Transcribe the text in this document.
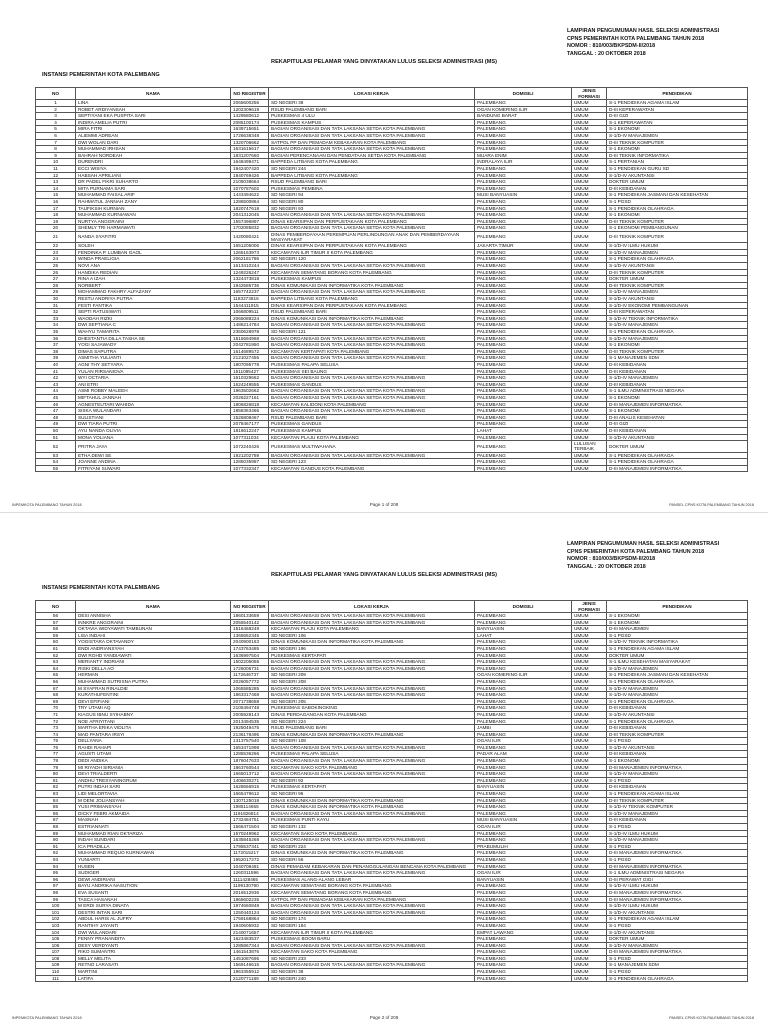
LAMPIRAN PENGUMUMAN HASIL SELEKSI ADMINISTRASI
CPNS PEMERINTAH KOTA PALEMBANG TAHUN 2018
NOMOR : 810/003/BKPSDM-II/2018
TANGGAL : 20 OKTOBER 2018
REKAPITULASI PELAMAR YANG DINYATAKAN LULUS SELEKSI ADMINISTRASI (MS)
INSTANSI PEMERINTAH KOTA PALEMBANG
NO	NAMA	NO REGISTER	LOKASI KERJA	DOMISILI	JENIS FORMASI	PENDIDIKAN
1	LINA	2065600256	SD NEGERI 38	PALEMBANG	UMUM	S-1 PENDIDIKAN AGAMA ISLAM
2	ROBET ARDIYANSAH	1202309619	RSUD PALEMBANG BARI	OGAN KOMERING ILIR	UMUM	D-III KEPERAWATAN
3	SEPTIYANI EKA PUSPITA SARI	1429580612	PUSKESMAS 4 ULU	BANDUNG BARAT	UMUM	D-III GIZI
4	INDIRA AMELIA PUTRI	2085100174	PUSKESMAS KAMPUS	PALEMBANG	UMUM	S-1 KEPERAWATAN
5	MIRA FITRI	1639715651	BAGIAN ORGANISASI DAN TATA LAKSANA SETDA KOTA PALEMBANG	PALEMBANG	UMUM	S-1 EKONOMI
6	ALIEMMI ADREAN	1726638348	BAGIAN ORGANISASI DAN TATA LAKSANA SETDA KOTA PALEMBANG	PALEMBANG	UMUM	S-1/D-IV MANAJEMEN
7	DWI WOLAN DARI	1320706662	SATPOL PP DAN PEMADAM KEBAKARAN KOTA PALEMBANG	PALEMBANG	UMUM	D-III TEKNIK KOMPUTER
8	MUHAMMAD IRHSAN	1631615617	BAGIAN ORGANISASI DAN TATA LAKSANA SETDA KOTA PALEMBANG	PALEMBANG	UMUM	S-1 EKONOMI
9	BAHRAH NORDEAH	1831207660	BAGIAN PERENCANAAN DAN PENDATAAN SETDA KOTA PALEMBANG	MUARA ENIM	UMUM	D-III TEKNIK INFORMATIKA
10	DURENDRI	1648499471	BAPPEDA LITBANG KOTA PALEMBANG	INDRALAYA ILIR	UMUM	S-1 PERTANIAN
11	ECCI WISIYA	1942407420	SD NEGERI 244	PALEMBANG	UMUM	S-1 PENDIDIKAN GURU SD
12	HABSAH APRILIANI	1840769426	BAPPEDA LITBANG KOTA PALEMBANG	PALEMBANG	UMUM	S-1/D-IV AKUNTANSI
13	DR PADEL FIKRI SUHARTO	2105038664	RSUD PALEMBANG BARI	PALEMBANG	UMUM	DOKTER UMUM
14	MITA PURNAMA SARI	1070787602	PUSKESMAS PEMBINA	PALEMBANG	UMUM	D-III KEBIDANAN
15	MUHAMMAD FAISAL ARIF	1443494622	SD NEGERI 94	MUSI BANYUASIN	UMUM	S-1 PENDIDIKAN JASMANI DAN KESEHATAN
16	RAHMATUL JANNAH ZANY	1286500864	SD NEGERI 80	PALEMBANG	UMUM	S-1 PGSD
17	TAUFIKSIH KURNIAN	1820747618	SD NEGERI 93	PALEMBANG	UMUM	S-1 PENDIDIKAN OLAHRAGA
18	MUHAMMAD KURNIAWAN	2041312045	BAGIAN ORGANISASI DAN TATA LAKSANA SETDA KOTA PALEMBANG	PALEMBANG	UMUM	S-1 EKONOMI
19	NURTYA ANGGRAINI	1557496897	DINAS KEARSIPAN DAN PERPUSTAKAAN KOTA PALEMBANG	PALEMBANG	UMUM	D-III TEKNIK KOMPUTER
20	SHEMLY TRI HARMAWATI	1702085832	BAGIAN ORGANISASI DAN TATA LAKSANA SETDA KOTA PALEMBANG	PALEMBANG	UMUM	S-1 EKONOMI PEMBANGUNAN
21	NANDA SYAFITRI	1420080421	DINAS PEMBERDAYAAN PEREMPUAN PERLINDUNGAN ANAK DAN PEMBERDAYAAN MASYARAKAT	PALEMBANG	UMUM	D-III TEKNIK KOMPUTER
22	SOLEH	1651205006	DINAS KEARSIPAN DAN PERPUSTAKAAN KOTA PALEMBANG	JAKARTA TIMUR	UMUM	S-1/D-IV ILMU HUKUM
23	FENDINKA P. LUMBAN GAOL	1265153973	KECAMATAN ILIR TIMUR II KOTA PALEMBANG	PALEMBANG	UMUM	S-1/D-IV MANAJEMEN
24	WINDA PRAELIGIA	2062181786	SD NEGERI 120	PALEMBANG	UMUM	S-1 PENDIDIKAN OLAHRAGA
25	NOVI ANA	1613410244	BAGIAN ORGANISASI DAN TATA LAKSANA SETDA KOTA PALEMBANG	PALEMBANG	UMUM	S-1/D-IV AKUNTANSI
26	HANDIKA REDIAN	1249226247	KECAMATAN SEMATANG BORANG KOTA PALEMBANG	PALEMBANG	UMUM	D-III TEKNIK KOMPUTER
27	RINA A IZAH	1324473818	PUSKESMAS KAMPUS	PALEMBANG	UMUM	DOKTER UMUM
28	NORBERT	1942585736	DINAS KOMUNIKASI DAN INFORMATIKA KOTA PALEMBANG	PALEMBANG	UMUM	D-III TEKNIK KOMPUTER
29	MOHAMMAD FAKHRY ALFAZANY	1657742237	BAGIAN ORGANISASI DAN TATA LAKSANA SETDA KOTA PALEMBANG	PALEMBANG	UMUM	S-1/D-IV MANAJEMEN
30	RESTU ANDRIYA PUTRA	1183273816	BAPPEDA LITBANG KOTA PALEMBANG	PALEMBANG	UMUM	S-1/D-IV AKUNTANSI
31	FESTI FANTIKA	1544411915	DINAS KEARSIPAN DAN PERPUSTAKAAN KOTA PALEMBANG	PALEMBANG	UMUM	S-1/D-IV EKONOMI PEMBANGUNAN
32	SEPTI RATUSIWATI	1066809511	RSUD PALEMBANG BARI	PALEMBANG	UMUM	D-III KEPERAWATAN
33	WAODAH RIZKI	2065088224	DINAS KOMUNIKASI DAN INFORMATIKA KOTA PALEMBANG	PALEMBANG	UMUM	S-1/D-IV TEKNIK INFORMATIKA
34	DWI SEPTIANA C	1486214784	BAGIAN ORGANISASI DAN TATA LAKSANA SETDA KOTA PALEMBANG	PALEMBANG	UMUM	S-1/D-IV MANAJEMEN
35	WAHYU TAMARITA	2350628978	SD NEGERI 121	PALEMBANG	UMUM	S-1 PENDIDIKAN OLAHRAGA
36	DHESTANTIA DILLA TASHA SE	1515694968	BAGIAN ORGANISASI DAN TATA LAKSANA SETDA KOTA PALEMBANG	PALEMBANG	UMUM	S-1/D-IV MANAJEMEN
37	YOGI SAJAWADY	2042781950	BAGIAN ORGANISASI DAN TATA LAKSANA SETDA KOTA PALEMBANG	PALEMBANG	UMUM	S-1 EKONOMI
38	DIMAS SAPUTRA	1614689572	KECAMATAN KERTAPATI KOTA PALEMBANG	PALEMBANG	UMUM	D-III TEKNIK KOMPUTER
39	ASMITHA YULIANTI	2121027455	BAGIAN ORGANISASI DAN TATA LAKSANA SETDA KOTA PALEMBANG	PALEMBANG	UMUM	S-1 MANAJEMEN SDM
40	AGNI THY SETYARA	1807095778	PUSKESMAS PALAPA SELUSA	PALEMBANG	UMUM	D-III KEBIDANAN
41	YULAN RIRSANIOVA	1511085427	PUSKESMAS SEI BAUNG	PALEMBANG	UMUM	D-III KEBIDANAN
42	WYI OCTARIA	1610329662	BAGIAN ORGANISASI DAN TATA LAKSANA SETDA KOTA PALEMBANG	PALEMBANG	UMUM	S-1/D-IV MANAJEMEN
43	ANI ETRI	1624249555	PUSKESMAS GANDUS	PALEMBANG	UMUM	D-III KEBIDANAN
44	ASMI ROBBY MALEEH	1963502662	BAGIAN ORGANISASI DAN TATA LAKSANA SETDA KOTA PALEMBANG	PALEMBANG	UMUM	S-1 ILMU ADMINISTRASI NEGARA
45	MIFTAHUL JANNAH	2026227161	BAGIAN ORGANISASI DAN TATA LAKSANA SETDA KOTA PALEMBANG	PALEMBANG	UMUM	S-1 EKONOMI
46	AGNESTEUTARI WAHIDA	1806826818	KECAMATAN KALIDONI KOTA PALEMBANG	PALEMBANG	UMUM	D-III MANAJEMEN INFORMATIKA
47	SISKA WULANDARI	1858363466	BAGIAN ORGANISASI DAN TATA LAKSANA SETDA KOTA PALEMBANG	PALEMBANG	UMUM	S-1 EKONOMI
48	SULISTIANI	1526808467	RSUD PALEMBANG BARI	PALEMBANG	UMUM	D-III ANALIS KESEHATAN
49	DWI TIARA PUTRI	2078467177	PUSKESMAS GANDUS	PALEMBANG	UMUM	D-III GIZI
50	AYU NANDA OLIVIA	1816612247	PUSKESMAS KAMPUS	LAHAT	UMUM	D-III KEBIDANAN
51	MONA YOLIANA	1077311034	KECAMATAN PLAJU KOTA PALEMBANG	PALEMBANG	UMUM	S-1/D-IV AKUNTANSI
52	PRITRA JAYA	1072240426	PUSKESMAS MULTIWAHANA	PALEMBANG	LULUSAN TERBAIK	DOKTER UMUM
53	ETHA DEWI SE	1921202789	BAGIAN ORGANISASI DAN TATA LAKSANA SETDA KOTA PALEMBANG	PALEMBANG	UMUM	S-1 PENDIDIKAN OLAHRAGA
54	JOANNE ANDINA	1285035987	SD NEGERI 123	PALEMBANG	UMUM	S-1 PENDIDIKAN OLAHRAGA
55	FITRIYANI SUWARI	1077332347	KECAMATAN GANDUS KOTA PALEMBANG	PALEMBANG	UMUM	D-III MANAJEMEN INFORMATIKA
INPEMKOTA PALEMBANG TAHUN 2018	Page 1 of 208	PANSEL CPNS KOTA PALEMBANG TAHUN 2018
LAMPIRAN PENGUMUMAN HASIL SELEKSI ADMINISTRASI
CPNS PEMERINTAH KOTA PALEMBANG TAHUN 2018
NOMOR : 810/003/BKPSDM-II/2018
TANGGAL : 20 OKTOBER 2018
REKAPITULASI PELAMAR YANG DINYATAKAN LULUS SELEKSI ADMINISTRASI (MS)
INSTANSI PEMERINTAH KOTA PALEMBANG
NO	NAMA	NO REGISTER	LOKASI KERJA	DOMISILI	JENIS FORMASI	PENDIDIKAN
56	DESI ANNISHA	1860133659	BAGIAN ORGANISASI DAN TATA LAKSANA SETDA KOTA PALEMBANG	PALEMBANG	UMUM	S-1 EKONOMI
57	INNKRE ANGGRAINI	2056540142	BAGIAN ORGANISASI DAN TATA LAKSANA SETDA KOTA PALEMBANG	PALEMBANG	UMUM	S-1 EKONOMI
58	OKTAVIA WIDYAWATI TAMBUNAN	1516468249	KECAMATAN PLAJU KOTA PALEMBANG	BANYUASIN	UMUM	D-III MANAJEMEN
59	LISA INDAHI	1365652345	SD NEGERI 106	LAHAT	UMUM	S-1 PGSD
60	YOGISTARA OKTAVANDY	2040900163	DINAS KOMUNIKASI DAN INFORMATIKA KOTA PALEMBANG	PALEMBANG	UMUM	S-1/D-IV TEKNIK INFORMATIKA
61	ENDI ANDRIANSYAH	1743763485	SD NEGERI 196	PALEMBANG	UMUM	S-1 PENDIDIKAN AGAMA ISLAM
62	DWI ROHD YANDIAWATI	1636997504	PUSKESMAS KERTAPATI	PALEMBANG	UMUM	DOKTER UMUM
63	MERIANTY INDRIANI	1502205055	BAGIAN ORGANISASI DAN TATA LAKSANA SETDA KOTA PALEMBANG	PALEMBANG	UMUM	S-1 ILMU KESEHATAN MASYARAKAT
64	RISKI DELLA AO	1726006731	BAGIAN ORGANISASI DAN TATA LAKSANA SETDA KOTA PALEMBANG	PALEMBANG	UMUM	S-1/D-IV MANAJEMEN
65	HERMAN	1172646737	SD NEGERI 209	OGAN KOMERING ILIR	UMUM	S-1 PENDIDIKAN JASMANI DAN KESEHATAN
66	MUHAMMAD SUTRISNA PUTRA	2026057772	SD NEGERI 208	PALEMBANG	UMUM	S-1 PENDIDIKAN OLAHRAGA
67	M SYAFRAN RINALDIE	1065585285	BAGIAN ORGANISASI DAN TATA LAKSANA SETDA KOTA PALEMBANG	PALEMBANG	UMUM	S-1/D-IV MANAJEMEN
68	KURATHUFENTINI	1863317468	BAGIAN ORGANISASI DAN TATA LAKSANA SETDA KOTA PALEMBANG	PALEMBANG	UMUM	S-1/D-IV MANAJEMEN
69	DEVI EFIFIANI	2071738658	SD NEGERI 205	PALEMBANG	UMUM	S-1 PENDIDIKAN OLAHRAGA
70	TRY UTAMI AQ	2105494748	PUSKESMAS SABOKINGKING	PALEMBANG	UMUM	D-III KEBIDANAN
71	KIAGUS IBNU SYIHABNY	2005928143	DINAS PERDAGANGAN KOTA PALEMBANG	PALEMBANG	UMUM	S-1/D-IV AKUNTANSI
72	NOE AFRIYITANI	2013494535	SD NEGERI 224	PALEMBANG	UMUM	S-1 PENDIDIKAN OLAHRAGA
73	MARTHA ERIKA VIDLITA	1925049475	RSUD PALEMBANG BARI	JAMBI	UMUM	D-III KEBIDANAN
74	MAD PANTARA IRSYI	2136178495	DINAS KOMUNIKASI DAN INFORMATIKA KOTA PALEMBANG	PALEMBANG	UMUM	D-III TEKNIK KOMPUTER
75	DELLYANA	1313757540	SD NEGERI 108	OGAN ILIR	UMUM	S-1 PGSD
76	RAHDI RAHAPI	1653471998	BAGIAN ORGANISASI DAN TATA LAKSANA SETDA KOTA PALEMBANG	PALEMBANG	UMUM	S-1/D-IV AKUNTANSI
77	AGUSTI UTAMI	1285536266	PUSKESMAS PALAPA SELUSA	PADAR ALAM	UMUM	D-III KEBIDANAN
78	DEDI ANDIKA	1876047633	BAGIAN ORGANISASI DAN TATA LAKSANA SETDA KOTA PALEMBANG	PALEMBANG	UMUM	S-1 EKONOMI
79	MI RIYADH SIRIANIA	1863760544	KECAMATAN SAKO KOTA PALEMBANG	PALEMBANG	UMUM	D-III MANAJEMEN INFORMATIKA
80	DEVI TRIALDERTI	1665013712	BAGIAN ORGANISASI DAN TATA LAKSANA SETDA KOTA PALEMBANG	PALEMBANG	UMUM	S-1/D-IV MANAJEMEN
81	ANDHU TRESYANINGRUM	1406630271	SD NEGERI 92	PALEMBANG	UMUM	S-1 PGSD
82	PUTRI INDAH SARI	1628666915	PUSKESMAS KERTAPATI	BANYUASIN	UMUM	D-III KEBIDANAN
83	LIDI MELORTAVIA	1665479612	SD NEGERI 96	PALEMBANG	UMUM	S-1 PENDIDIKAN AGAMA ISLAM
84	M DENI JOLIANSYAH	1307125018	DINAS KOMUNIKASI DAN INFORMATIKA KOTA PALEMBANG	PALEMBANG	UMUM	D-III TEKNIK KOMPUTER
85	YUSI PRIMANSYAH	1985114655	DINAS KOMUNIKASI DAN INFORMATIKA KOTA PALEMBANG	PALEMBANG	UMUM	S-1/D-IV TEKNIK KOMPUTER
86	DICKY FEBRI AKMAIDA	1191826814	BAGIAN ORGANISASI DAN TATA LAKSANA SETDA KOTA PALEMBANG	PALEMBANG	UMUM	S-1/D-IV MANAJEMEN
87	MASNAH	1732484751	PUSKESMAS PUNTI KAYU	MUSI BANYUASIN	UMUM	D-III KEBIDANAN
88	ESTRIANNATI	1566471504	SD NEGERI 132	OGAN ILIR	UMUM	S-1 PGSD
89	MUHAMMAD RIAN OKTARIZA	1570249962	KECAMATAN SAKO KOTA PALEMBANG	PALEMBANG	UMUM	S-1/D-IV ILMU HUKUM
90	INDAH SUNDARI	1635845268	BAGIAN ORGANISASI DAN TATA LAKSANA SETDA KOTA PALEMBANG	PALEMBANG	UMUM	S-1/D-IV MANAJEMEN
91	ICA PRADILLA	1795537341	SD NEGERI 224	PRABUMULIH	UMUM	S-1 PGSD
92	MUHAMMAD REQUO KURNIAWAN	1172015217	DINAS KOMUNIKASI DAN INFORMATIKA KOTA PALEMBANG	PALEMBANG	UMUM	D-III MANAJEMEN INFORMATIKA
93	YUNIARTI	1952017272	SD NEGERI 56	PALEMBANG	UMUM	S-1 PGSD
94	HUSEN	1040708481	DINAS PEMADAM KEBAKARAN DAN PENANGGULANGAN BENCANA KOTA PALEMBANG	PALEMBANG	UMUM	D-III MANAJEMEN INFORMATIKA
95	SUDIGER	1260311596	BAGIAN ORGANISASI DAN TATA LAKSANA SETDA KOTA PALEMBANG	OGAN ILIR	UMUM	S-1 ILMU ADMINISTRASI NEGARA
96	DEWI ANDIRIANI	1111428465	PUSKESMAS ALANG-ALANG LEBAR	BANYUASIN	UMUM	D-III PERAWAT GIGI
97	BAYU ANDRIKA NASUTION	1199130790	KECAMATAN SEMATANG BORANG KOTA PALEMBANG	PALEMBANG	UMUM	S-1/D-IV ILMU HUKUM
98	EVA SUSANTI	2016512936	KECAMATAN SEMATANG BORANG KOTA PALEMBANG	PALEMBANG	UMUM	D-III MANAJEMEN INFORMATIKA
99	TASCA HASANAH	1865602235	SATPOL PP DAN PEMADAM KEBAKARAN KOTA PALEMBANG	PALEMBANG	UMUM	D-III MANAJEMEN INFORMATIKA
100	M ERDI SURYA DINATA	1974660848	BAGIAN ORGANISASI DAN TATA LAKSANA SETDA KOTA PALEMBANG	PALEMBANG	UMUM	S-1/D-IV ILMU HUKUM
101	DESTRI INTAN SARI	1250440124	BAGIAN ORGANISASI DAN TATA LAKSANA SETDA KOTA PALEMBANG	PALEMBANG	UMUM	S-1/D-IV AKUNTANSI
102	ABDUL HARIS AL JUFRY	1759168864	SD NEGERI 174	PALEMBANG	UMUM	S-1 PENDIDIKAN AGAMA ISLAM
103	RANTIHY JAYANTI	1940605932	SD NEGERI 184	PALEMBANG	UMUM	S-1 PGSD
104	DWI WULANDARI	2140071657	KECAMATAN ILIR TIMUR II KOTA PALEMBANG	EMPAT LAWANG	UMUM	S-1/D-IV AKUNTANSI
105	FENNY PRANANDITA	1623483537	PUSKESMAS BOOM BARU	PALEMBANG	UMUM	DOKTER UMUM
106	DESY VERDYANTI	1285867344	BAGIAN ORGANISASI DAN TATA LAKSANA SETDA KOTA PALEMBANG	PALEMBANG	UMUM	S-1/D-IV MANAJEMEN
107	RIKO SUMANTRI	1461543876	KECAMATAN SAKO KOTA PALEMBANG	PALEMBANG	UMUM	D-III MANAJEMEN INFORMATIKA
108	MELLY MELITA	1451087695	SD NEGERI 233	PALEMBANG	UMUM	S-1 PGSD
109	RETNO LARASATI	1569146615	BAGIAN ORGANISASI DAN TATA LAKSANA SETDA KOTA PALEMBANG	PALEMBANG	UMUM	S-1 MANAJEMEN SDM
110	MARTINI	1963355912	SD NEGERI 38	PALEMBANG	UMUM	S-1 PGSD
111	LATIFA	2120771189	SD NEGERI 240	PALEMBANG	UMUM	S-1 PENDIDIKAN OLAHRAGA
INPEMKOTA PALEMBANG TAHUN 2018	Page 2 of 208	PANSEL CPNS KOTA PALEMBANG TAHUN 2018
